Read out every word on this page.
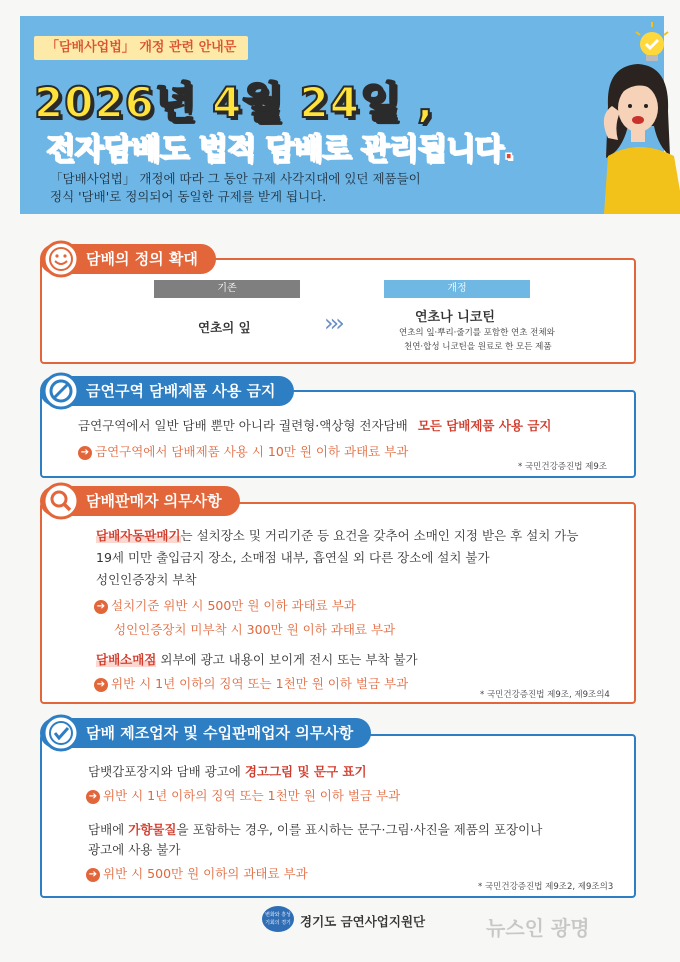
「담배사업법」 개정 관련 안내문
2026년 4월 24일 ,
전자담배도 법적 담배로 관리됩니다.
「담배사업법」 개정에 따라 그 동안 규제 사각지대에 있던 제품들이
정식 '담배'로 정의되어 동일한 규제를 받게 됩니다.
기존	개정
연초의 잎	›››	연초나 니코틴
연초의 잎·뿌리·줄기를 포함한 연초 전체와
천연·합성 니코틴을 원료로 한 모든 제품
담배의 정의 확대
금연구역에서 일반 담배 뿐만 아니라 궐련형·액상형 전자담배 모든 담배제품 사용 금지
➔ 금연구역에서 담배제품 사용 시 10만 원 이하 과태료 부과
* 국민건강증진법 제9조
금연구역 담배제품 사용 금지
담배자동판매기는 설치장소 및 거리기준 등 요건을 갖추어 소매인 지정 받은 후 설치 가능
19세 미만 출입금지 장소, 소매점 내부, 흡연실 외 다른 장소에 설치 불가
성인인증장치 부착
➔ 설치기준 위반 시 500만 원 이하 과태료 부과
성인인증장치 미부착 시 300만 원 이하 과태료 부과
담배소매점 외부에 광고 내용이 보이게 전시 또는 부착 불가
➔ 위반 시 1년 이하의 징역 또는 1천만 원 이하 벌금 부과
* 국민건강증진법 제9조, 제9조의4
담배판매자 의무사항
담뱃갑포장지와 담배 광고에 경고그림 및 문구 표기
➔ 위반 시 1년 이하의 징역 또는 1천만 원 이하 벌금 부과
담배에 가향물질을 포함하는 경우, 이를 표시하는 문구·그림·사진을 제품의 포장이나
광고에 사용 불가
➔ 위반 시 500만 원 이하의 과태료 부과
* 국민건강증진법 제9조2, 제9조의3
담배 제조업자 및 수입판매업자 의무사항
변화와 흥성
기회의 경기 경기도 금연사업지원단	뉴스인 광명
